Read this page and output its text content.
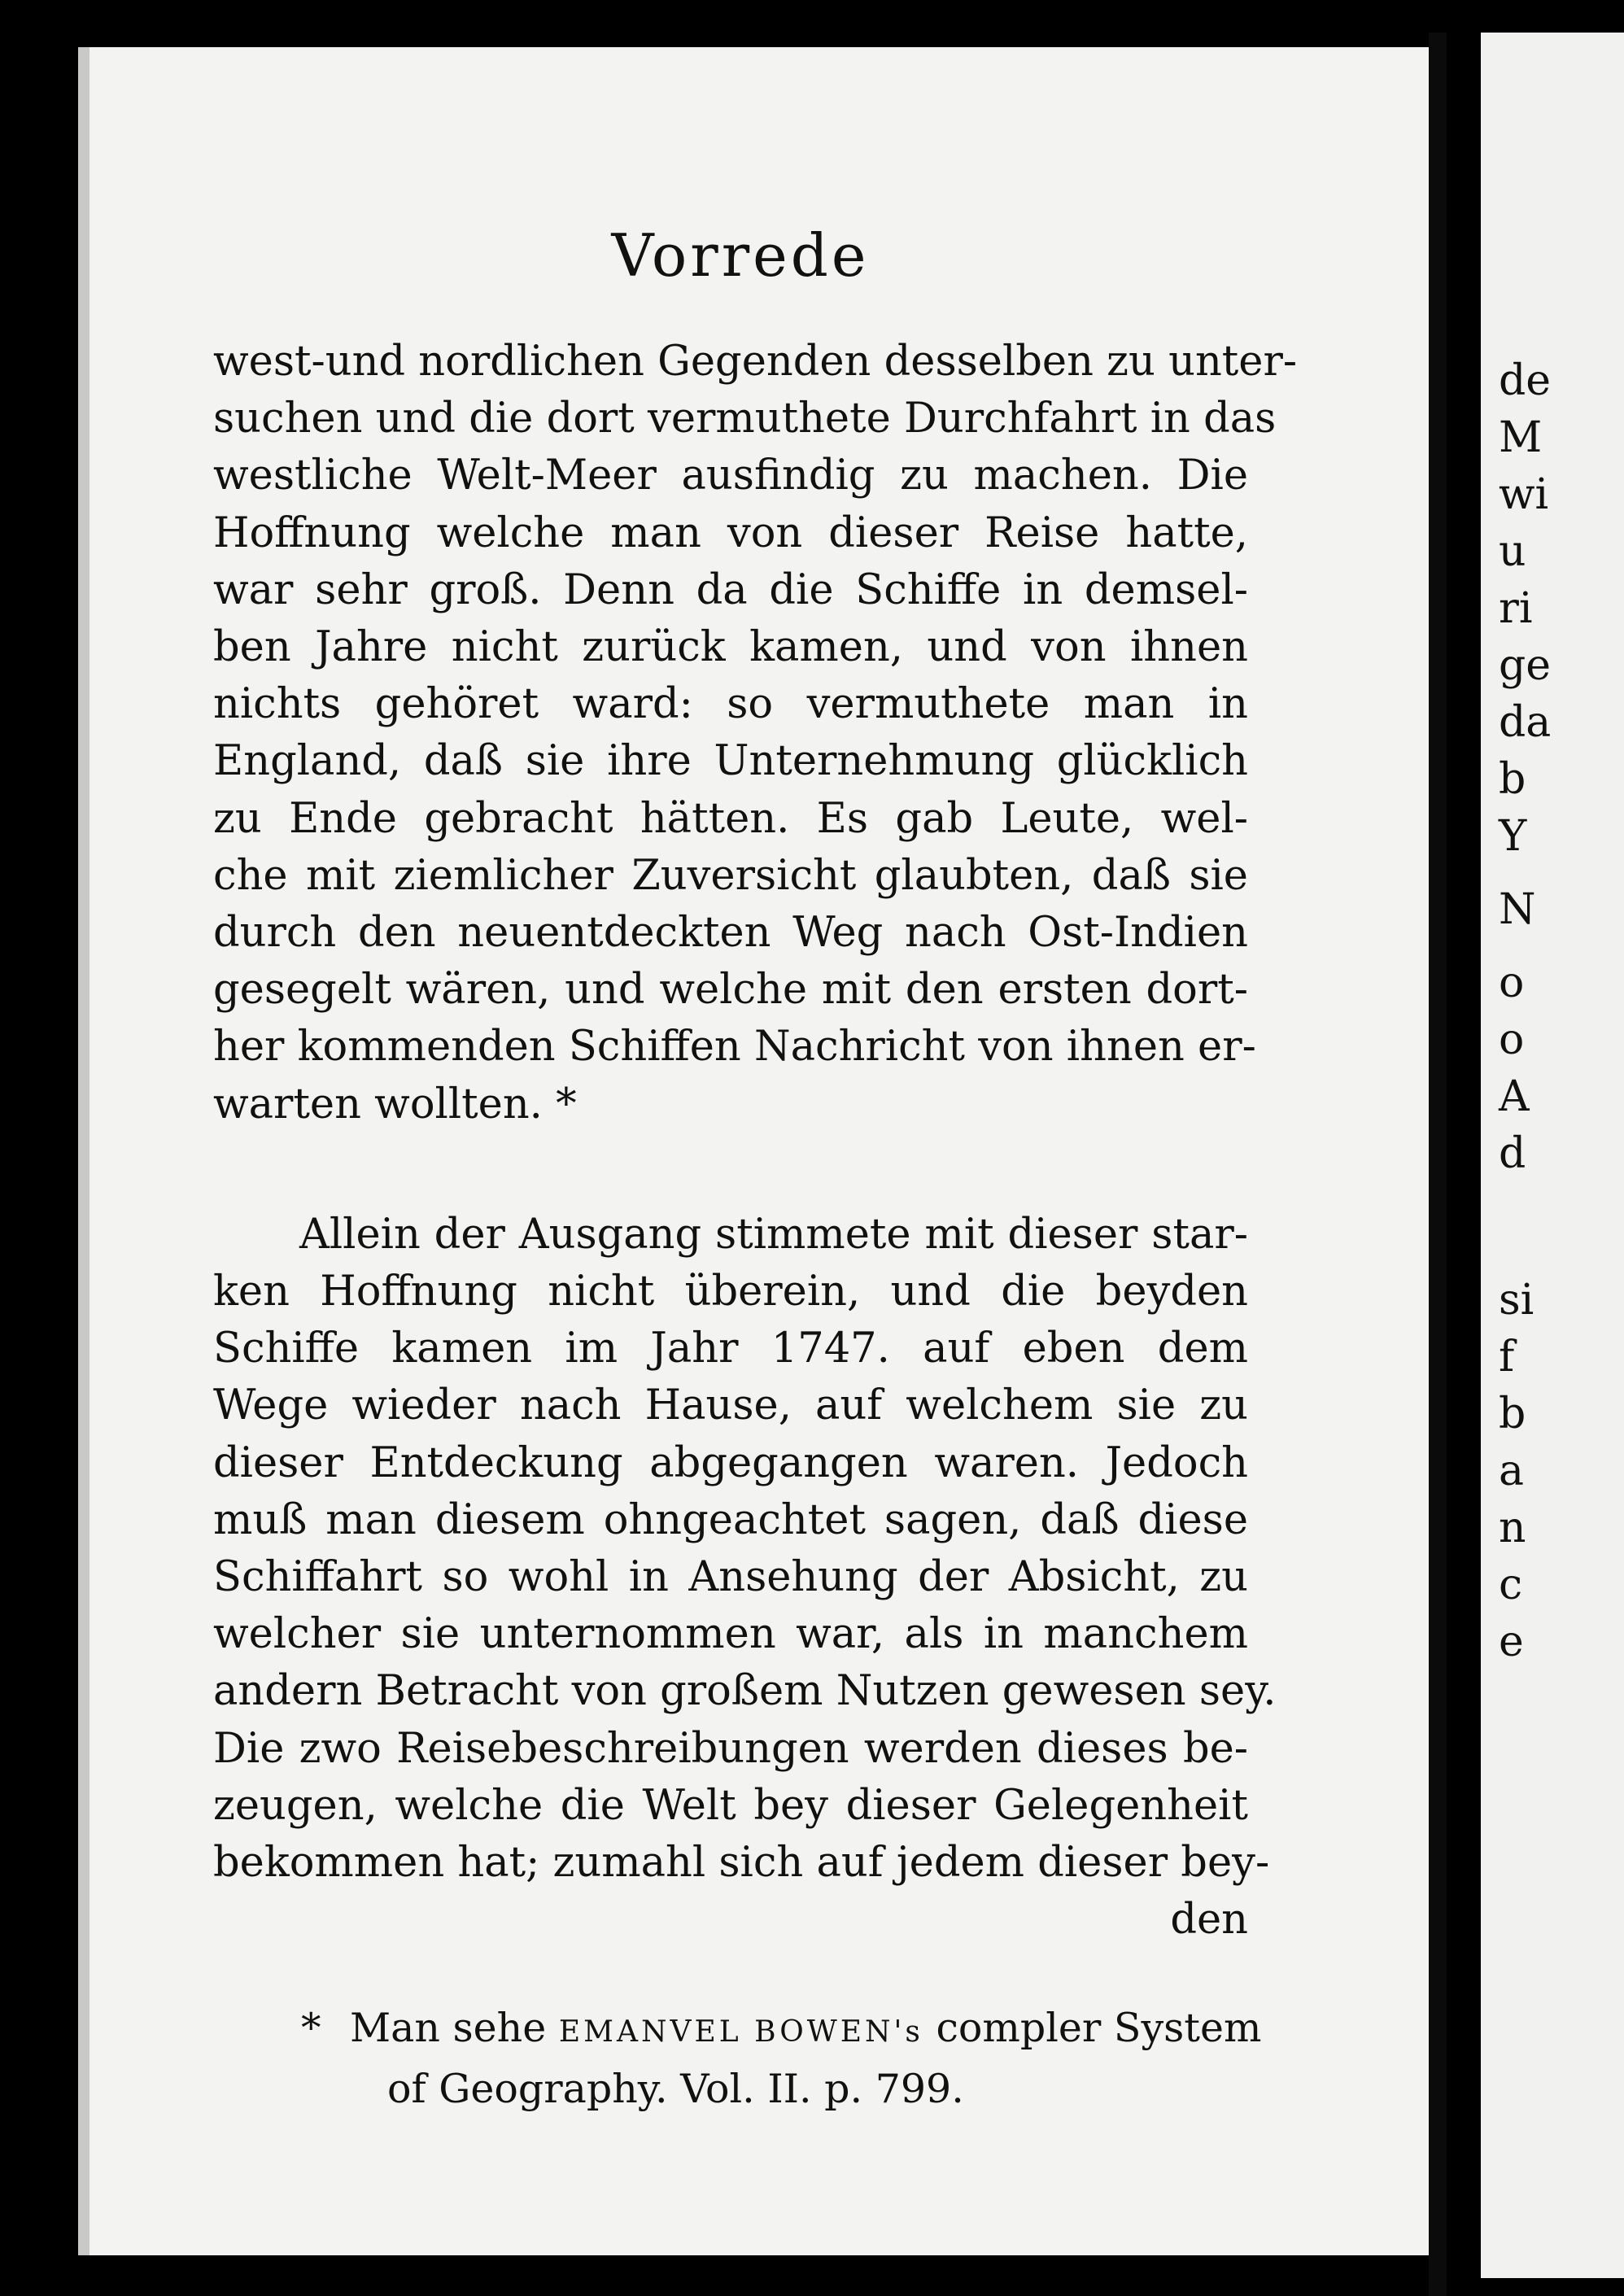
de
M
wi
u
ri
ge
da
b
Y
N
o
o
A
d
si
f
b
a
n
c
e
Vorrede
west-und nordlichen Gegenden desselben zu unter-
suchen und die dort vermuthete Durchfahrt in das
westliche Welt-Meer ausfindig zu machen. Die
Hoffnung welche man von dieser Reise hatte,
war sehr groß. Denn da die Schiffe in demsel-
ben Jahre nicht zurück kamen, und von ihnen
nichts gehöret ward: so vermuthete man in
England, daß sie ihre Unternehmung glücklich
zu Ende gebracht hätten. Es gab Leute, wel-
che mit ziemlicher Zuversicht glaubten, daß sie
durch den neuentdeckten Weg nach Ost-Indien
gesegelt wären, und welche mit den ersten dort-
her kommenden Schiffen Nachricht von ihnen er-
warten wollten. *
Allein der Ausgang stimmete mit dieser star-
ken Hoffnung nicht überein, und die beyden
Schiffe kamen im Jahr 1747. auf eben dem
Wege wieder nach Hause, auf welchem sie zu
dieser Entdeckung abgegangen waren. Jedoch
muß man diesem ohngeachtet sagen, daß diese
Schiffahrt so wohl in Ansehung der Absicht, zu
welcher sie unternommen war, als in manchem
andern Betracht von großem Nutzen gewesen sey.
Die zwo Reisebeschreibungen werden dieses be-
zeugen, welche die Welt bey dieser Gelegenheit
bekommen hat; zumahl sich auf jedem dieser bey-
den
* Man sehe EMANVEL BOWEN's compler System
of Geography. Vol. II. p. 799.
